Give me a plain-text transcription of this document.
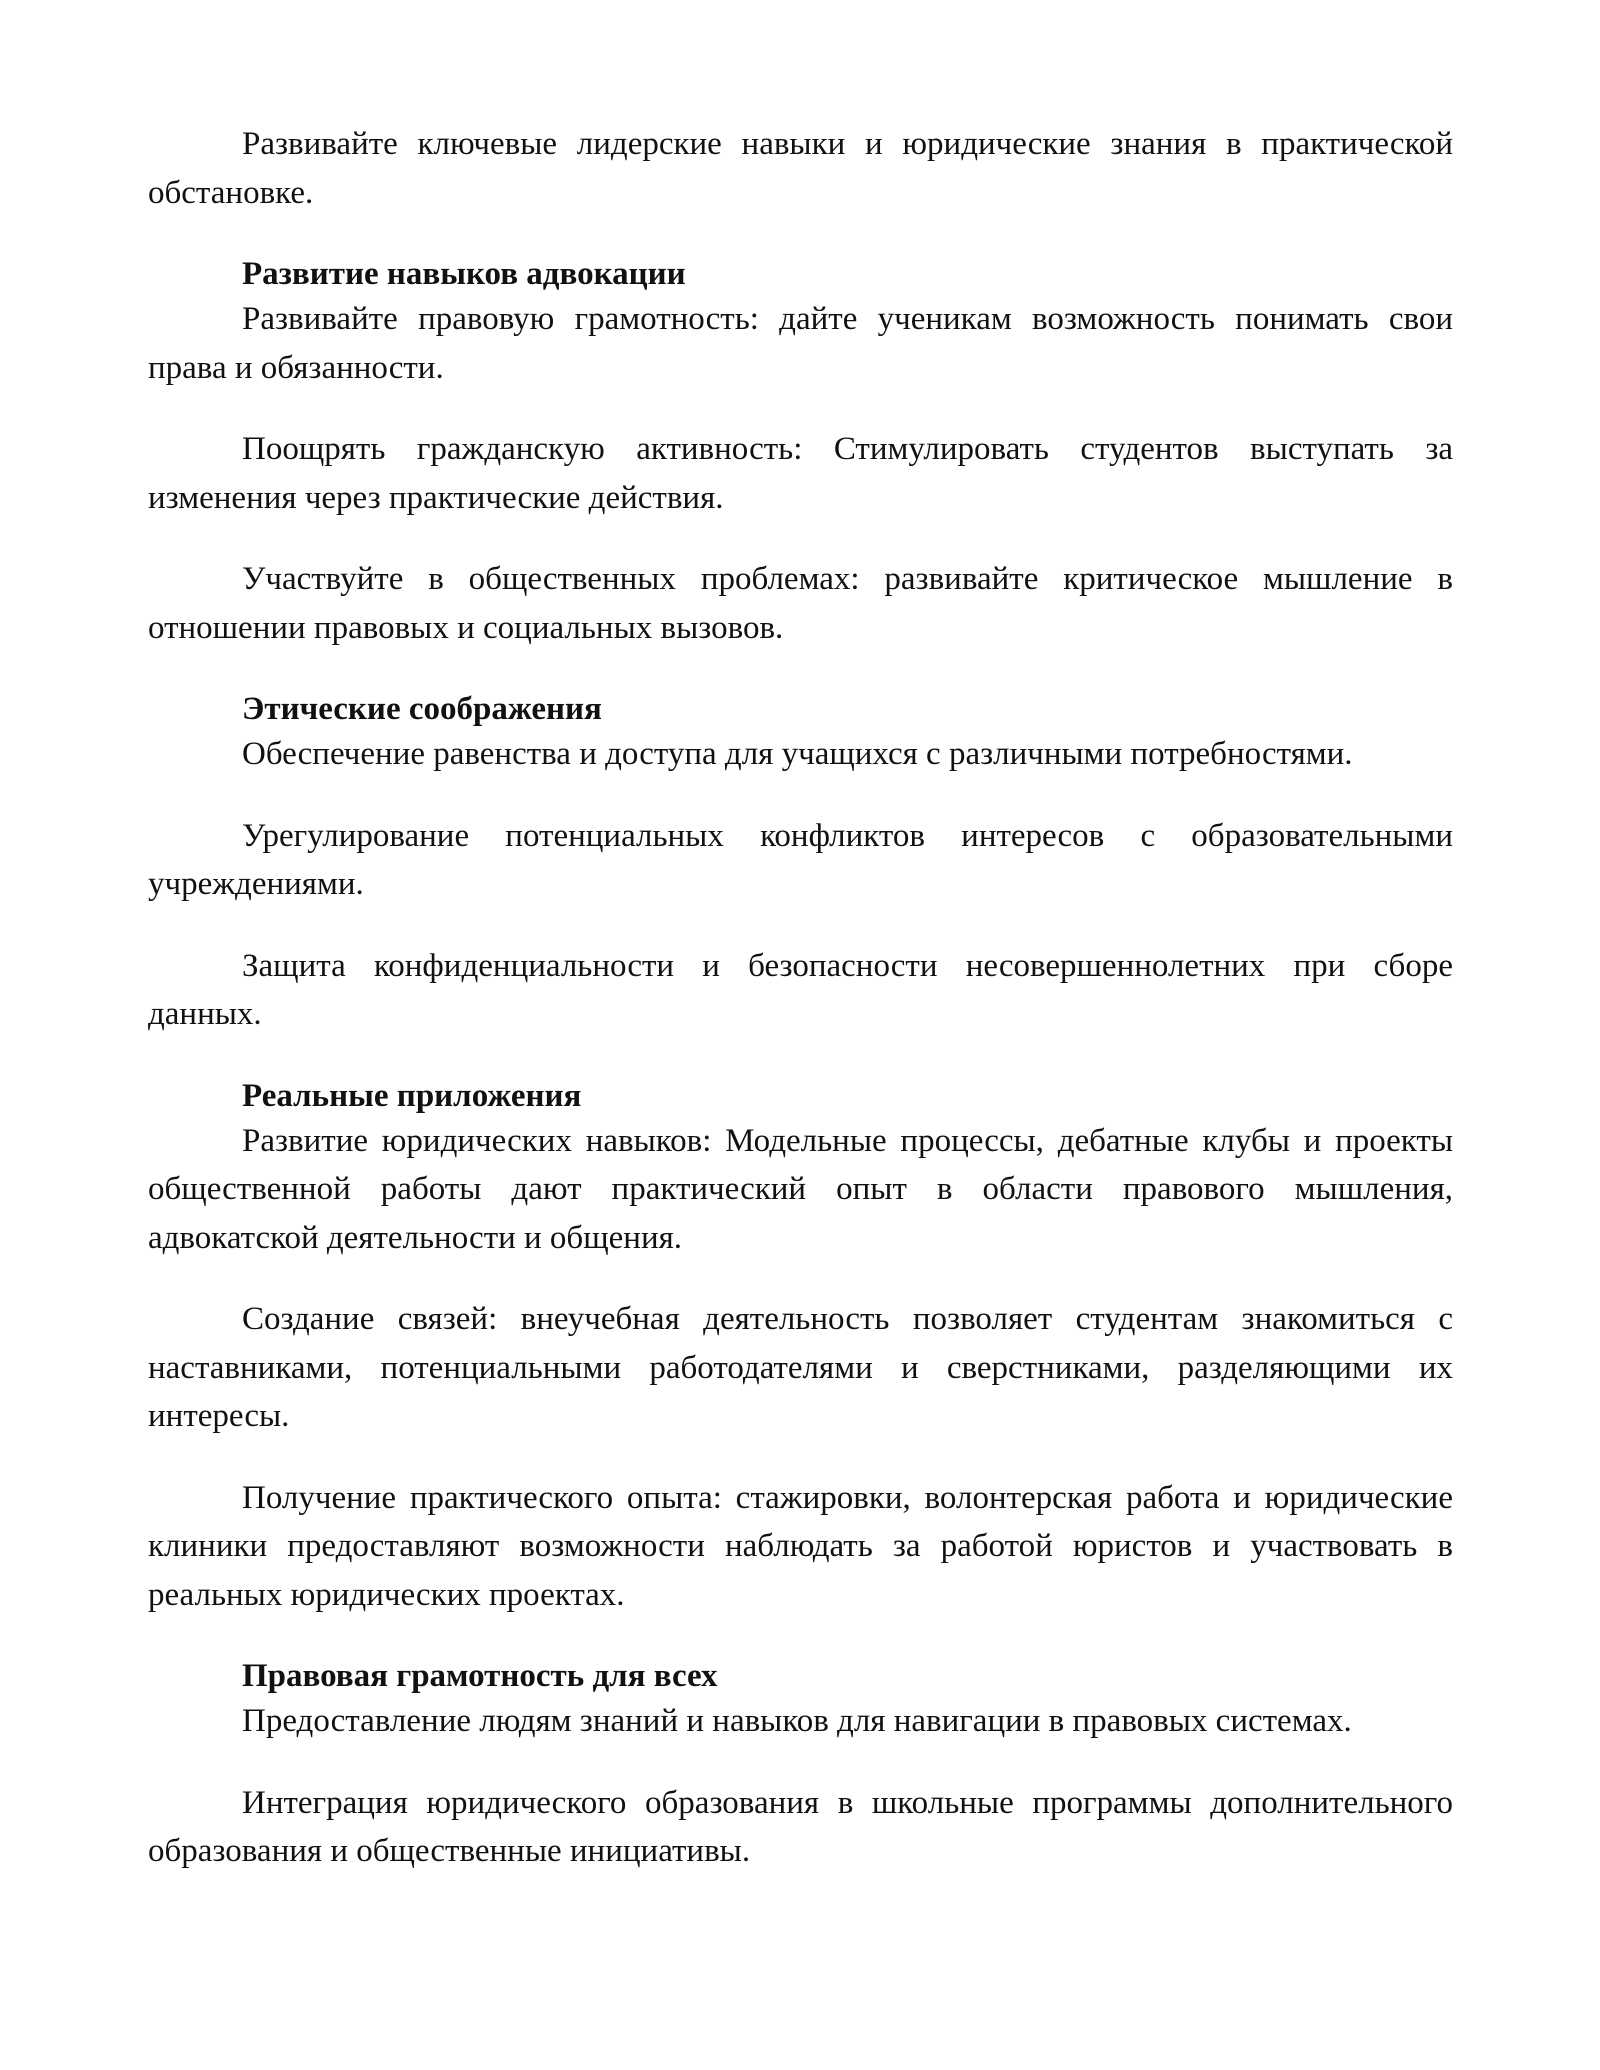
Развивайте ключевые лидерские навыки и юридические знания в практической обстановке.

Развитие навыков адвокации

Развивайте правовую грамотность: дайте ученикам возможность понимать свои права и обязанности.

Поощрять гражданскую активность: Стимулировать студентов выступать за изменения через практические действия.

Участвуйте в общественных проблемах: развивайте критическое мышление в отношении правовых и социальных вызовов.

Этические соображения

Обеспечение равенства и доступа для учащихся с различными потребностями.

Урегулирование потенциальных конфликтов интересов с образовательными учреждениями.

Защита конфиденциальности и безопасности несовершеннолетних при сборе данных.

Реальные приложения

Развитие юридических навыков: Модельные процессы, дебатные клубы и проекты общественной работы дают практический опыт в области правового мышления, адвокатской деятельности и общения.

Создание связей: внеучебная деятельность позволяет студентам знакомиться с наставниками, потенциальными работодателями и сверстниками, разделяющими их интересы.

Получение практического опыта: стажировки, волонтерская работа и юридические клиники предоставляют возможности наблюдать за работой юристов и участвовать в реальных юридических проектах.

Правовая грамотность для всех

Предоставление людям знаний и навыков для навигации в правовых системах.

Интеграция юридического образования в школьные программы дополнительного образования и общественные инициативы.
